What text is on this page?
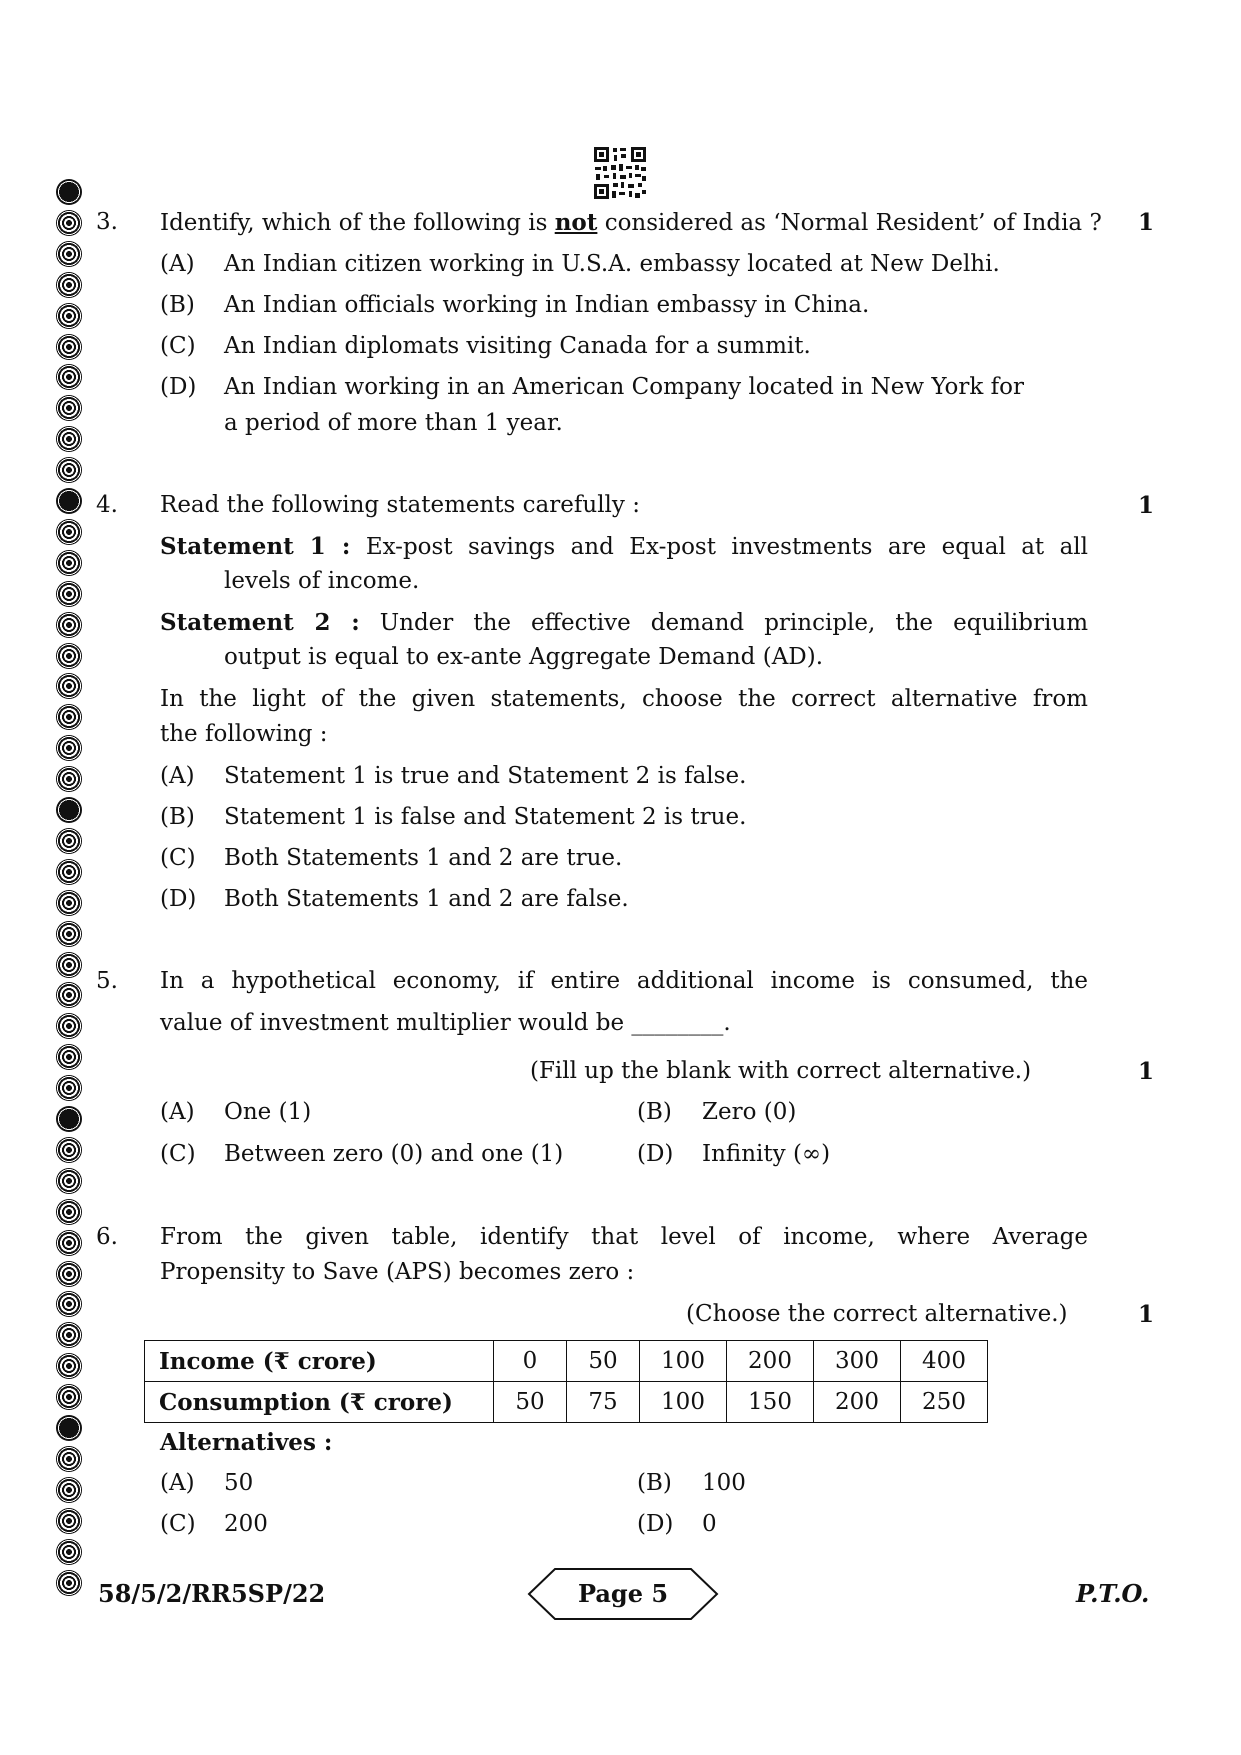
3. Identify, which of the following is not considered as ‘Normal Resident’ of India ? 1
(A) An Indian citizen working in U.S.A. embassy located at New Delhi.
(B) An Indian officials working in Indian embassy in China.
(C) An Indian diplomats visiting Canada for a summit.
(D) An Indian working in an American Company located in New York for
a period of more than 1 year.
4. Read the following statements carefully :	1
Statement 1 : Ex-post savings and Ex-post investments are equal at all
levels of income.
Statement 2 : Under the effective demand principle, the equilibrium
output is equal to ex-ante Aggregate Demand (AD).
In the light of the given statements, choose the correct alternative from
the following :
(A) Statement 1 is true and Statement 2 is false.
(B) Statement 1 is false and Statement 2 is true.
(C) Both Statements 1 and 2 are true.
(D) Both Statements 1 and 2 are false.
5. In a hypothetical economy, if entire additional income is consumed, the
value of investment multiplier would be ________.
(Fill up the blank with correct alternative.)	1
(A) One (1)	(B) Zero (0)
(C) Between zero (0) and one (1)	(D) Infinity (∞)
6. From the given table, identify that level of income, where Average
Propensity to Save (APS) becomes zero :
(Choose the correct alternative.)	1
Income (₹ crore)	0	50	100	200	300	400
Consumption (₹ crore)	50	75	100	150	200	250
Alternatives :
(A) 50	(B) 100
(C) 200	(D) 0
58/5/2/RR5SP/22	Page 5	P.T.O.
